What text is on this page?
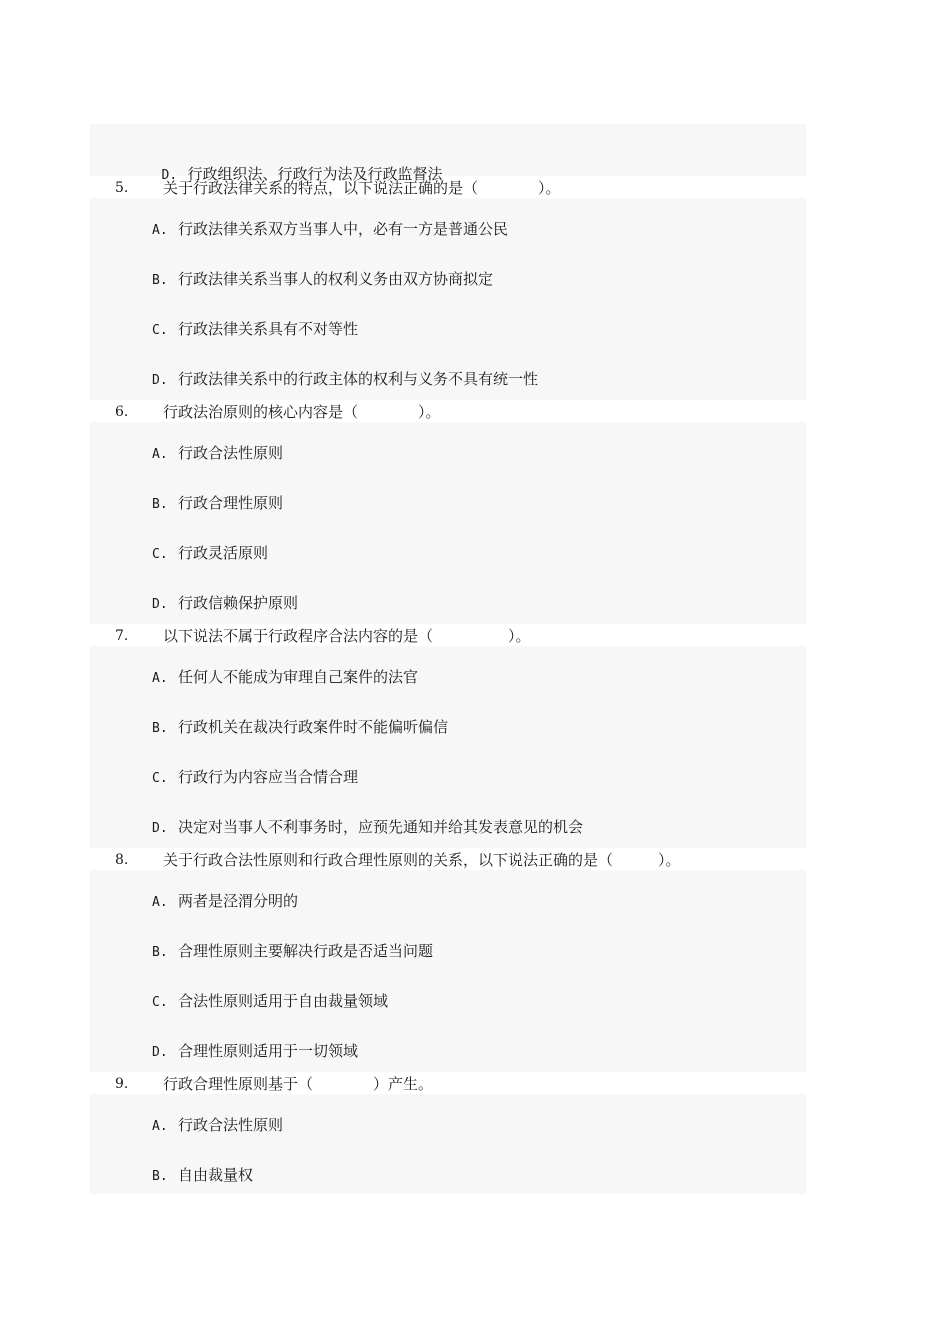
D. 行政组织法、行政行为法及行政监督法

5. 关于行政法律关系的特点，以下说法正确的是（　　　　）。
A. 行政法律关系双方当事人中，必有一方是普通公民
B. 行政法律关系当事人的权利义务由双方协商拟定
C. 行政法律关系具有不对等性
D. 行政法律关系中的行政主体的权利与义务不具有统一性
6. 行政法治原则的核心内容是（　　　　）。
A. 行政合法性原则
B. 行政合理性原则
C. 行政灵活原则
D. 行政信赖保护原则
7. 以下说法不属于行政程序合法内容的是（　　　　　）。
A. 任何人不能成为审理自己案件的法官
B. 行政机关在裁决行政案件时不能偏听偏信
C. 行政行为内容应当合情合理
D. 决定对当事人不利事务时，应预先通知并给其发表意见的机会
8. 关于行政合法性原则和行政合理性原则的关系，以下说法正确的是（　　　）。
A. 两者是泾渭分明的
B. 合理性原则主要解决行政是否适当问题
C. 合法性原则适用于自由裁量领域
D. 合理性原则适用于一切领域
9. 行政合理性原则基于（　　　　）产生。
A. 行政合法性原则
B. 自由裁量权
